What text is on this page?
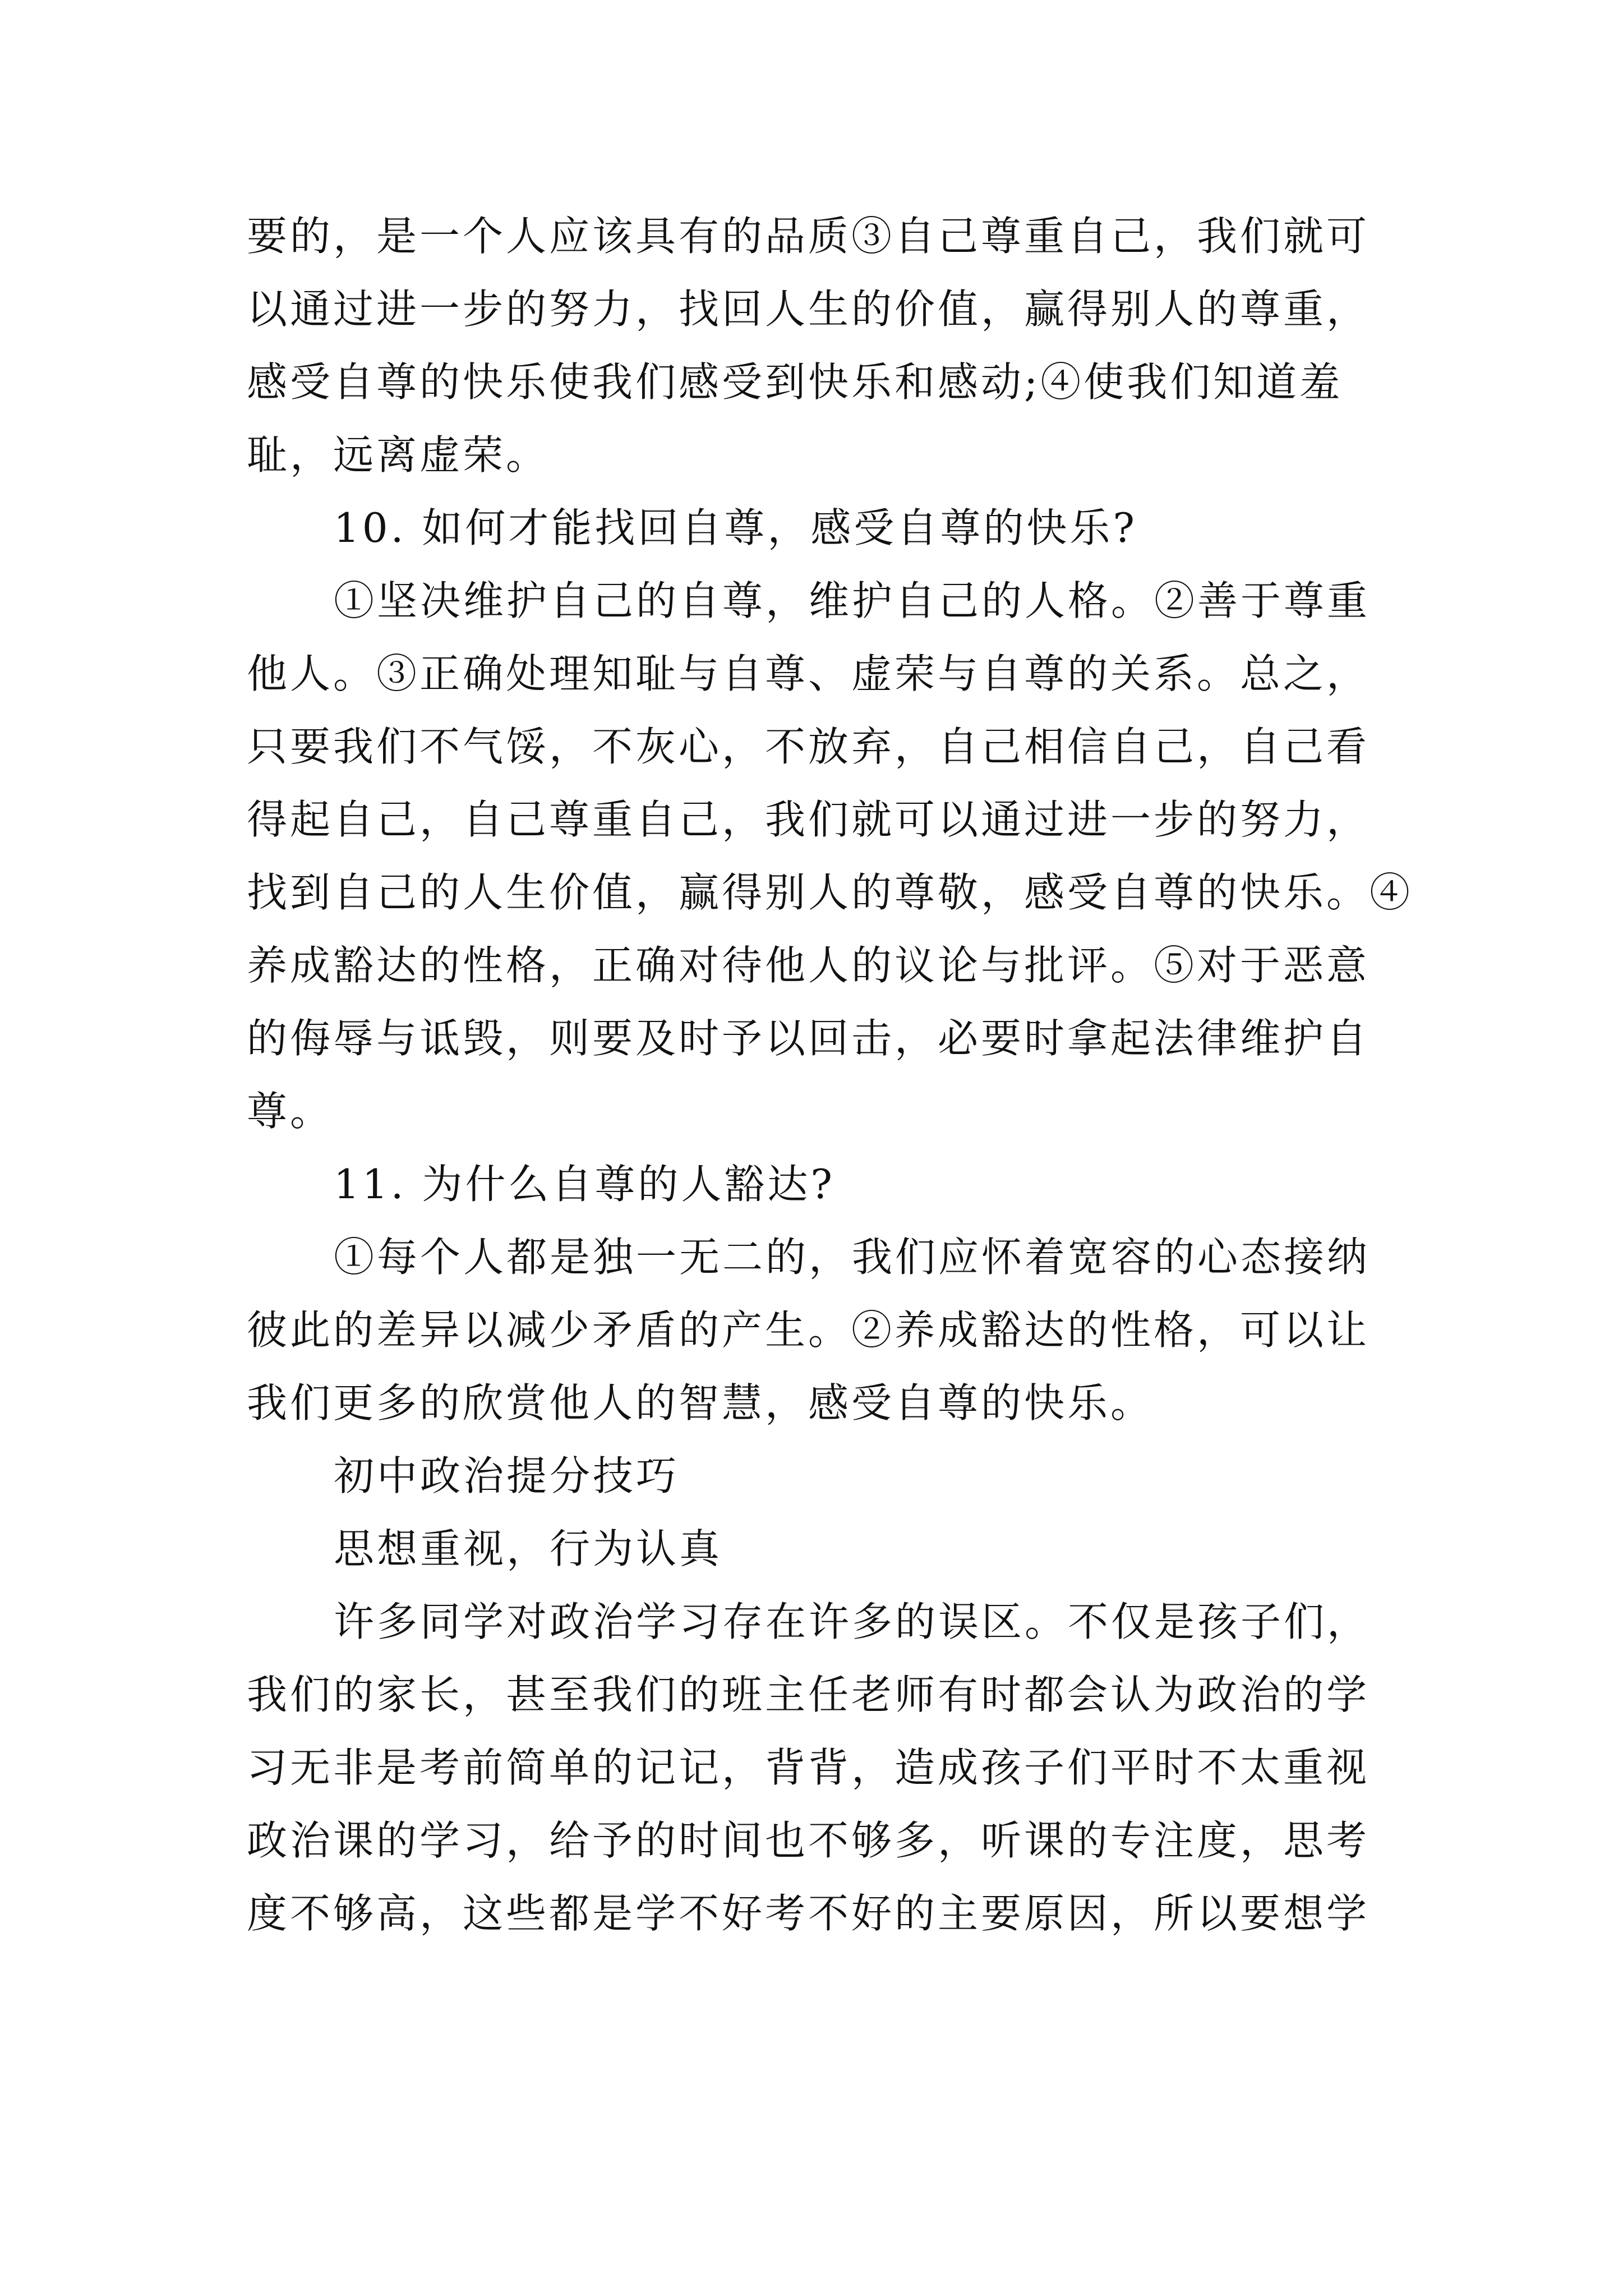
要的，是一个人应该具有的品质③自己尊重自己，我们就可
以通过进一步的努力，找回人生的价值，赢得别人的尊重，
感受自尊的快乐使我们感受到快乐和感动;④使我们知道羞
耻，远离虚荣。
10. 如何才能找回自尊，感受自尊的快乐?
①坚决维护自己的自尊，维护自己的人格。②善于尊重
他人。③正确处理知耻与自尊、虚荣与自尊的关系。总之，
只要我们不气馁，不灰心，不放弃，自己相信自己，自己看
得起自己，自己尊重自己，我们就可以通过进一步的努力，
找到自己的人生价值，赢得别人的尊敬，感受自尊的快乐。④
养成豁达的性格，正确对待他人的议论与批评。⑤对于恶意
的侮辱与诋毁，则要及时予以回击，必要时拿起法律维护自
尊。
11. 为什么自尊的人豁达?
①每个人都是独一无二的，我们应怀着宽容的心态接纳
彼此的差异以减少矛盾的产生。②养成豁达的性格，可以让
我们更多的欣赏他人的智慧，感受自尊的快乐。
初中政治提分技巧
思想重视，行为认真
许多同学对政治学习存在许多的误区。不仅是孩子们，
我们的家长，甚至我们的班主任老师有时都会认为政治的学
习无非是考前简单的记记，背背，造成孩子们平时不太重视
政治课的学习，给予的时间也不够多，听课的专注度，思考
度不够高，这些都是学不好考不好的主要原因，所以要想学
